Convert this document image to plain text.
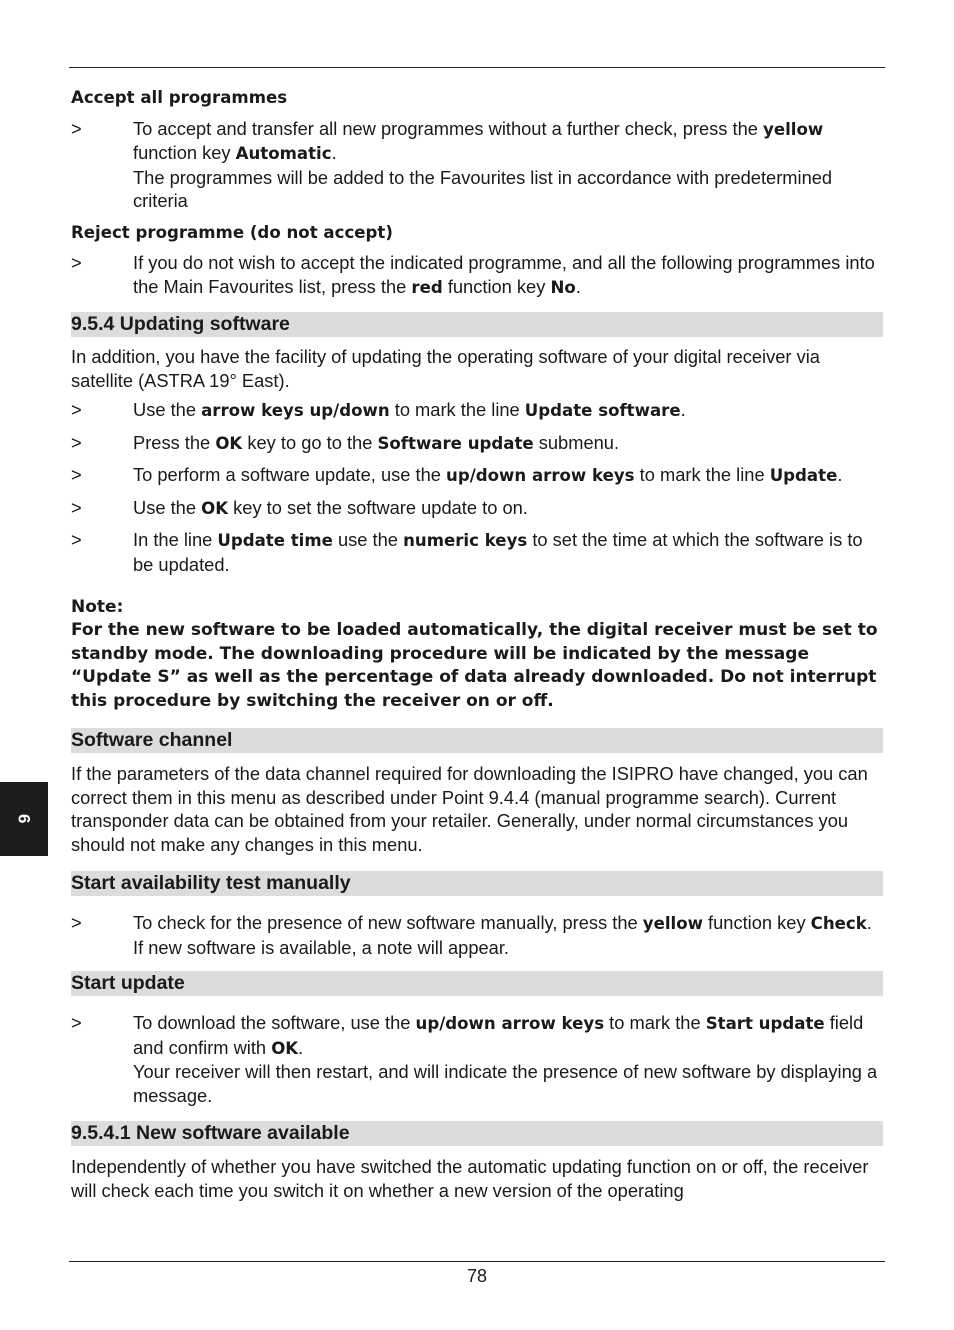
6

Accept all programmes

>	To accept and transfer all new programmes without a further check, press the yellow function key Automatic.
The programmes will be added to the Favourites list in accordance with predetermined criteria

Reject programme (do not accept)

>	If you do not wish to accept the indicated programme, and all the following programmes into the Main Favourites list, press the red function key No.
9.5.4 Updating software

In addition, you have the facility of updating the operating software of your digital receiver via satellite (ASTRA 19° East).

>	Use the arrow keys up/down to mark the line Update software.
>	Press the OK key to go to the Software update submenu.
>	To perform a software update, use the up/down arrow keys to mark the line Update.
>	Use the OK key to set the software update to on.
>	In the line Update time use the numeric keys to set the time at which the software is to be updated.

Note:

For the new software to be loaded automatically, the digital receiver must be set to standby mode. The downloading procedure will be indicated by the message “Update S” as well as the percentage of data already downloaded. Do not interrupt this procedure by switching the receiver on or off.

Software channel

If the parameters of the data channel required for downloading the ISIPRO have changed, you can correct them in this menu as described under Point 9.4.4 (manual programme search). Current transponder data can be obtained from your retailer. Generally, under normal circumstances you should not make any changes in this menu.

Start availability test manually
>	To check for the presence of new software manually, press the yellow function key Check.
If new software is available, a note will appear.
Start update
>	To download the software, use the up/down arrow keys to mark the Start update field and confirm with OK.
Your receiver will then restart, and will indicate the presence of new software by displaying a message.
9.5.4.1 New software available

Independently of whether you have switched the automatic updating function on or off, the receiver will check each time you switch it on whether a new version of the operating

78
